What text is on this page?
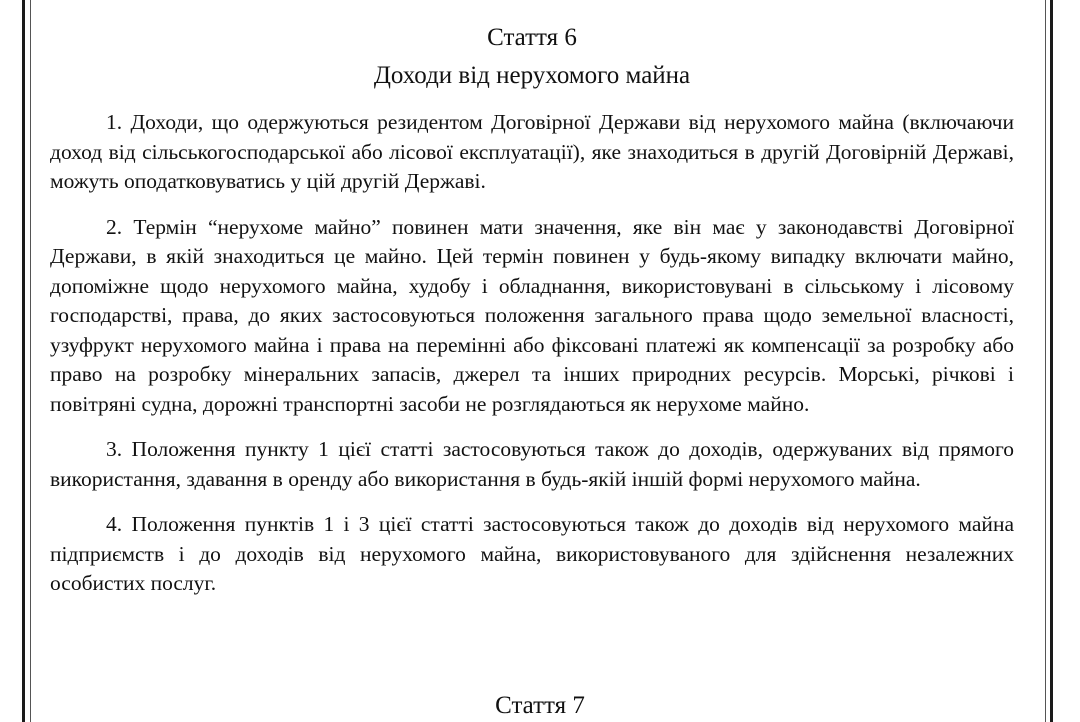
Стаття 6
Доходи від нерухомого майна

1. Доходи, що одержуються резидентом Договірної Держави від нерухомого майна (включаючи доход від сільськогосподарської або лісової експлуатації), яке знаходиться в другій Договірній Державі, можуть оподатковуватись у цій другій Державі.

2. Термін “нерухоме майно” повинен мати значення, яке він має у законодавстві Договірної Держави, в якій знаходиться це майно. Цей термін повинен у будь-якому випадку включати майно, допоміжне щодо нерухомого майна, худобу і обладнання, використовувані в сільському і лісовому господарстві, права, до яких застосовуються положення загального права щодо земельної власності, узуфрукт нерухомого майна і права на перемінні або фіксовані платежі як компенсації за розробку або право на розробку мінеральних запасів, джерел та інших природних ресурсів. Морські, річкові і повітряні судна, дорожні транспортні засоби не розглядаються як нерухоме майно.

3. Положення пункту 1 цієї статті застосовуються також до доходів, одержуваних від прямого використання, здавання в оренду або використання в будь-якій іншій формі нерухомого майна.

4. Положення пунктів 1 і 3 цієї статті застосовуються також до доходів від нерухомого майна підприємств і до доходів від нерухомого майна, використовуваного для здійснення незалежних особистих послуг.

Стаття 7
